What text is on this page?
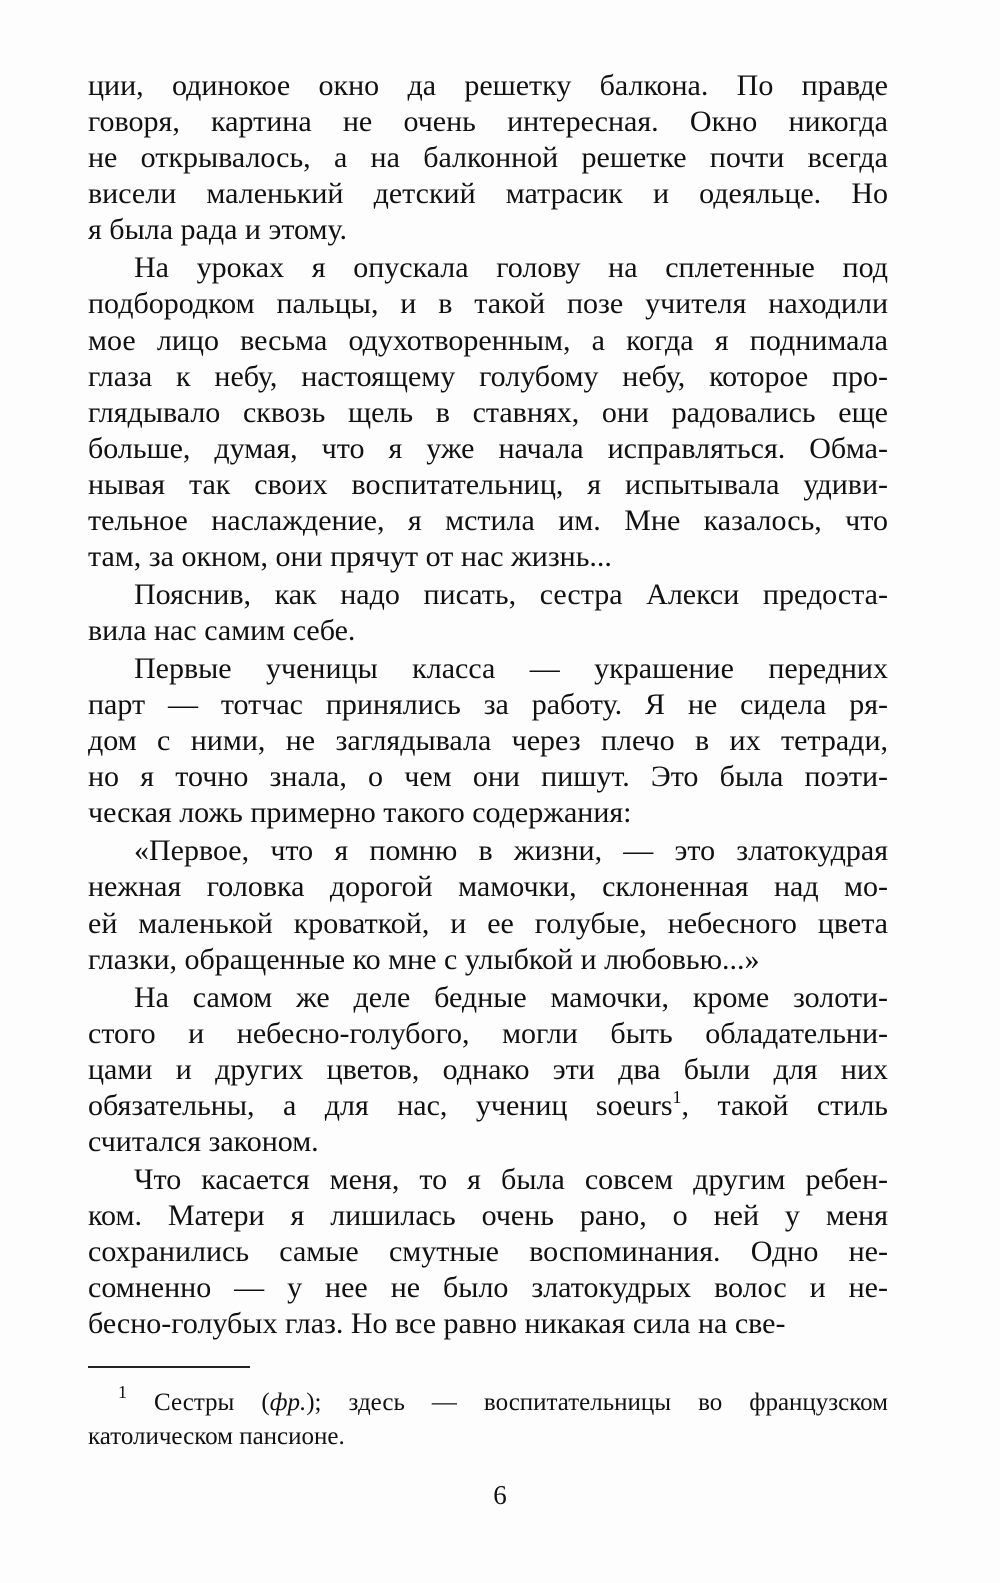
ции, одинокое окно да решетку балкона. По правде
говоря, картина не очень интересная. Окно никогда
не открывалось, а на балконной решетке почти всегда
висели маленький детский матрасик и одеяльце. Но
я была рада и этому.
На уроках я опускала голову на сплетенные под
подбородком пальцы, и в такой позе учителя находили
мое лицо весьма одухотворенным, а когда я поднимала
глаза к небу, настоящему голубому небу, которое про-
глядывало сквозь щель в ставнях, они радовались еще
больше, думая, что я уже начала исправляться. Обма-
нывая так своих воспитательниц, я испытывала удиви-
тельное наслаждение, я мстила им. Мне казалось, что
там, за окном, они прячут от нас жизнь...
Пояснив, как надо писать, сестра Алекси предоста-
вила нас самим себе.
Первые ученицы класса — украшение передних
парт — тотчас принялись за работу. Я не сидела ря-
дом с ними, не заглядывала через плечо в их тетради,
но я точно знала, о чем они пишут. Это была поэти-
ческая ложь примерно такого содержания:
«Первое, что я помню в жизни, — это златокудрая
нежная головка дорогой мамочки, склоненная над мо-
ей маленькой кроваткой, и ее голубые, небесного цвета
глазки, обращенные ко мне с улыбкой и любовью...»
На самом же деле бедные мамочки, кроме золоти-
стого и небесно-голубого, могли быть обладательни-
цами и других цветов, однако эти два были для них
обязательны, а для нас, учениц soeurs$^1$, такой стиль
считался законом.
Что касается меня, то я была совсем другим ребен-
ком. Матери я лишилась очень рано, о ней у меня
сохранились самые смутные воспоминания. Одно не-
сомненно — у нее не было златокудрых волос и не-
бесно-голубых глаз. Но все равно никакая сила на све-
$^1$ Сестры (фр.); здесь — воспитательницы во французском
католическом пансионе.
6
